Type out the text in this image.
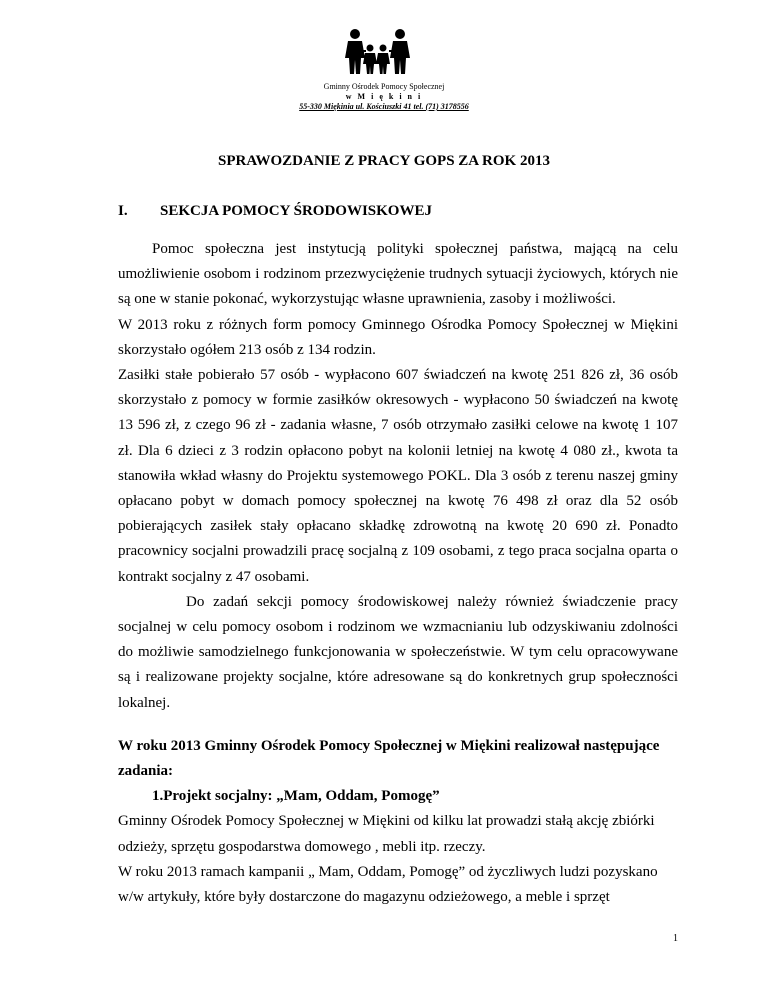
Gminny Ośrodek Pomocy Społecznej
w M i ę k i n i
55-330 Miękinia ul. Kościuszki 41 tel. (71) 3178556
SPRAWOZDANIE Z PRACY GOPS ZA ROK 2013
I. SEKCJA POMOCY ŚRODOWISKOWEJ

Pomoc społeczna jest instytucją polityki społecznej państwa, mającą na celu umożliwienie osobom i rodzinom przezwyciężenie trudnych sytuacji życiowych, których nie są one w stanie pokonać, wykorzystując własne uprawnienia, zasoby i możliwości.

W 2013 roku z różnych form pomocy Gminnego Ośrodka Pomocy Społecznej w Miękini skorzystało ogółem 213 osób z 134 rodzin.

Zasiłki stałe pobierało 57 osób - wypłacono 607 świadczeń na kwotę 251 826 zł, 36 osób skorzystało z pomocy w formie zasiłków okresowych - wypłacono 50 świadczeń na kwotę 13 596 zł, z czego 96 zł - zadania własne, 7 osób otrzymało zasiłki celowe na kwotę 1 107 zł. Dla 6 dzieci z 3 rodzin opłacono pobyt na kolonii letniej na kwotę 4 080 zł., kwota ta stanowiła wkład własny do Projektu systemowego POKL. Dla 3 osób z terenu naszej gminy opłacano pobyt w domach pomocy społecznej na kwotę 76 498 zł oraz dla 52 osób pobierających zasiłek stały opłacano składkę zdrowotną na kwotę 20 690 zł. Ponadto pracownicy socjalni prowadzili pracę socjalną z 109 osobami, z tego praca socjalna oparta o kontrakt socjalny z 47 osobami.

Do zadań sekcji pomocy środowiskowej należy również świadczenie pracy socjalnej w celu pomocy osobom i rodzinom we wzmacnianiu lub odzyskiwaniu zdolności do możliwie samodzielnego funkcjonowania w społeczeństwie. W tym celu opracowywane są i realizowane projekty socjalne, które adresowane są do konkretnych grup społeczności lokalnej.

W roku 2013 Gminny Ośrodek Pomocy Społecznej w Miękini realizował następujące zadania:

1.Projekt socjalny: „Mam, Oddam, Pomogę”

Gminny Ośrodek Pomocy Społecznej w Miękini od kilku lat prowadzi stałą akcję zbiórki odzieży, sprzętu gospodarstwa domowego , mebli itp. rzeczy.

W roku 2013 ramach kampanii „ Mam, Oddam, Pomogę” od życzliwych ludzi pozyskano w/w artykuły, które były dostarczone do magazynu odzieżowego, a meble i sprzęt

1
